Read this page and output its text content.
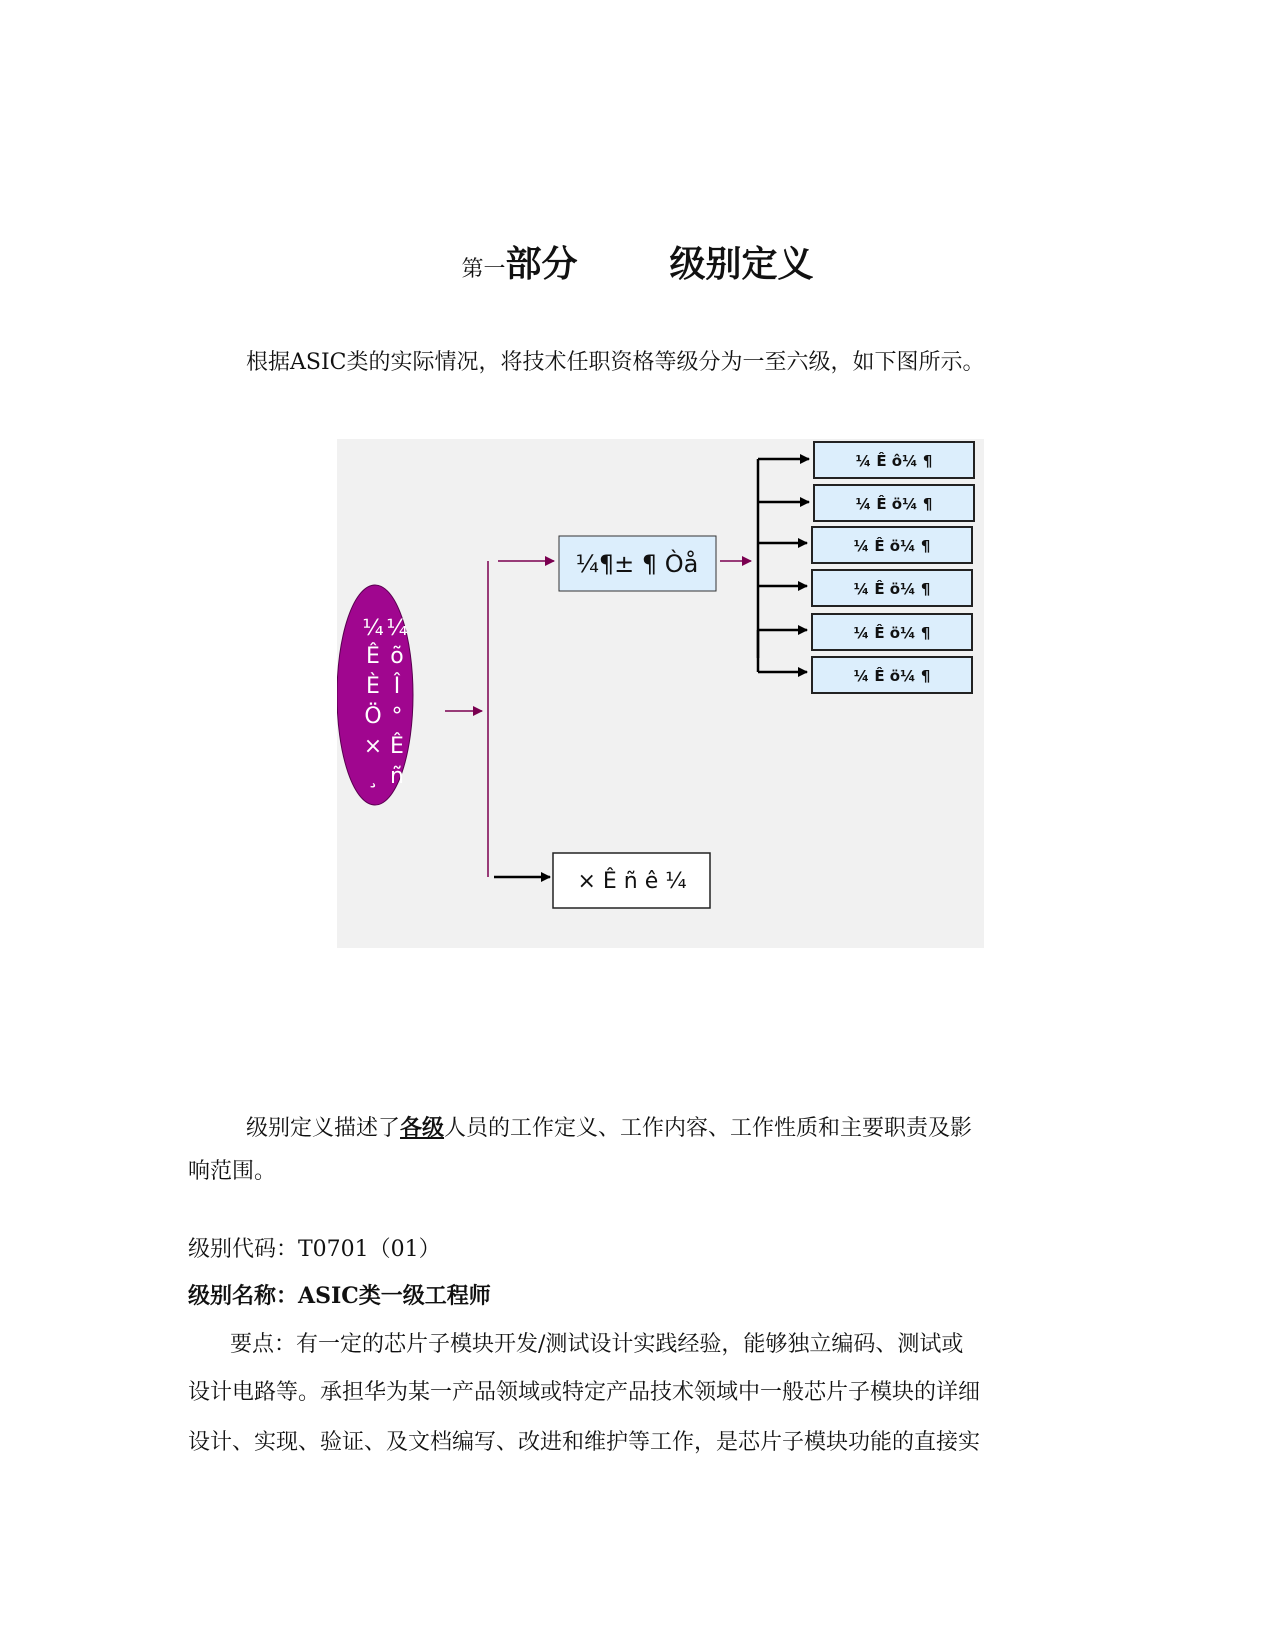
第一部分	级别定义
根据ASIC类的实际情况，将技术任职资格等级分为一至六级，如下图所示。
¼
Ê
È
Ö
×
¸
¼
õ
Î
°
Ê
ñ
¼¶± ¶ Òå
× Ê ñ ê ¼
¼ Ê ô¼ ¶
¼ Ê ö¼ ¶
¼ Ê ö¼ ¶
¼ Ê ö¼ ¶
¼ Ê ö¼ ¶
¼ Ê ö¼ ¶
级别定义描述了各级人员的工作定义、工作内容、工作性质和主要职责及影
响范围。
级别代码：T0701（01）
级别名称：ASIC类一级工程师
要点：有一定的芯片子模块开发/测试设计实践经验，能够独立编码、测试或
设计电路等。承担华为某一产品领域或特定产品技术领域中一般芯片子模块的详细
设计、实现、验证、及文档编写、改进和维护等工作，是芯片子模块功能的直接实
